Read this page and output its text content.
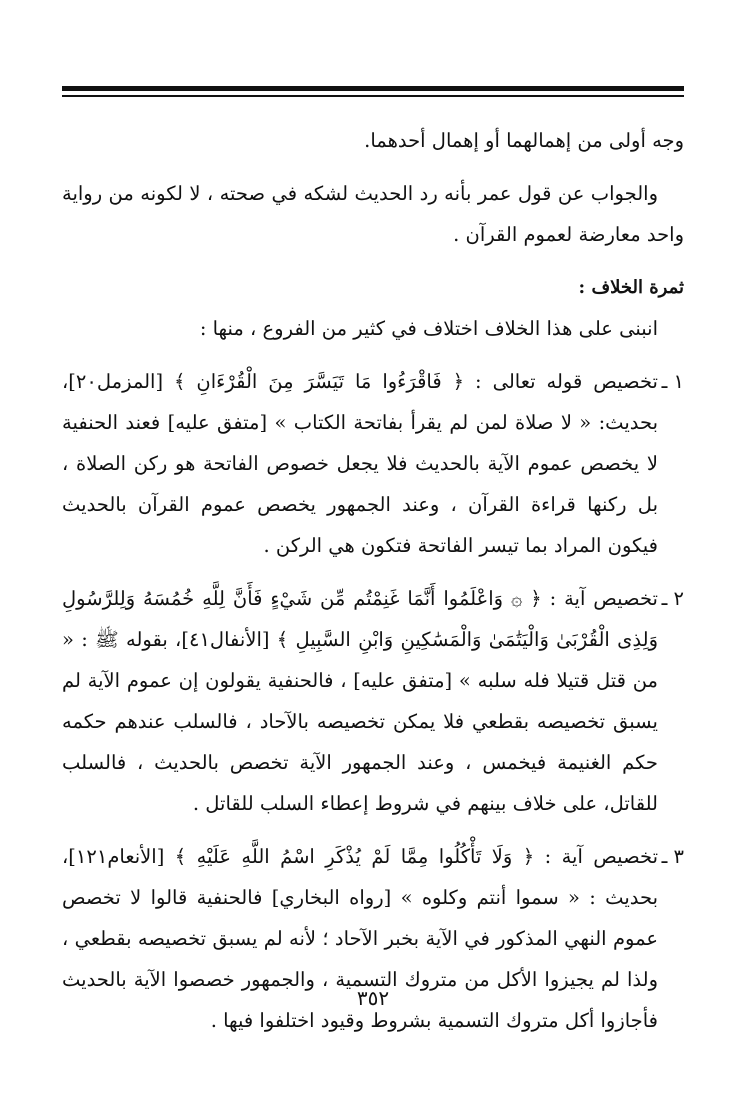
وجه أولى من إهمالهما أو إهمال أحدهما.

والجواب عن قول عمر بأنه رد الحديث لشكه في صحته ، لا لكونه من رواية واحد معارضة لعموم القرآن .

ثمرة الخلاف :

انبنى على هذا الخلاف اختلاف في كثير من الفروع ، منها :

١ ـ
تخصيص قوله تعالى : ﴿ فَاقْرَءُوا مَا تَيَسَّرَ مِنَ الْقُرْءَانِ ﴾ [المزمل٢٠]، بحديث: « لا صلاة لمن لم يقرأ بفاتحة الكتاب » [متفق عليه] فعند الحنفية لا يخصص عموم الآية بالحديث فلا يجعل خصوص الفاتحة هو ركن الصلاة ، بل ركنها قراءة القرآن ، وعند الجمهور يخصص عموم القرآن بالحديث فيكون المراد بما تيسر الفاتحة فتكون هي الركن .
٢ ـ
تخصيص آية : ﴿ ۞ وَاعْلَمُوا أَنَّمَا غَنِمْتُم مِّن شَيْءٍ فَأَنَّ لِلَّهِ خُمُسَهُ وَلِلرَّسُولِ وَلِذِى الْقُرْبَىٰ وَالْيَتَٰمَىٰ وَالْمَسَٰكِينِ وَابْنِ السَّبِيلِ ﴾ [الأنفال٤١]، بقوله ﷺ : « من قتل قتيلا فله سلبه » [متفق عليه] ، فالحنفية يقولون إن عموم الآية لم يسبق تخصيصه بقطعي فلا يمكن تخصيصه بالآحاد ، فالسلب عندهم حكمه حكم الغنيمة فيخمس ، وعند الجمهور الآية تخصص بالحديث ، فالسلب للقاتل، على خلاف بينهم في شروط إعطاء السلب للقاتل .
٣ ـ
تخصيص آية : ﴿ وَلَا تَأْكُلُوا مِمَّا لَمْ يُذْكَرِ اسْمُ اللَّهِ عَلَيْهِ ﴾ [الأنعام١٢١]، بحديث : « سموا أنتم وكلوه » [رواه البخاري] فالحنفية قالوا لا تخصص عموم النهي المذكور في الآية بخبر الآحاد ؛ لأنه لم يسبق تخصيصه بقطعي ، ولذا لم يجيزوا الأكل من متروك التسمية ، والجمهور خصصوا الآية بالحديث فأجازوا أكل متروك التسمية بشروط وقيود اختلفوا فيها .
٣٥٢
